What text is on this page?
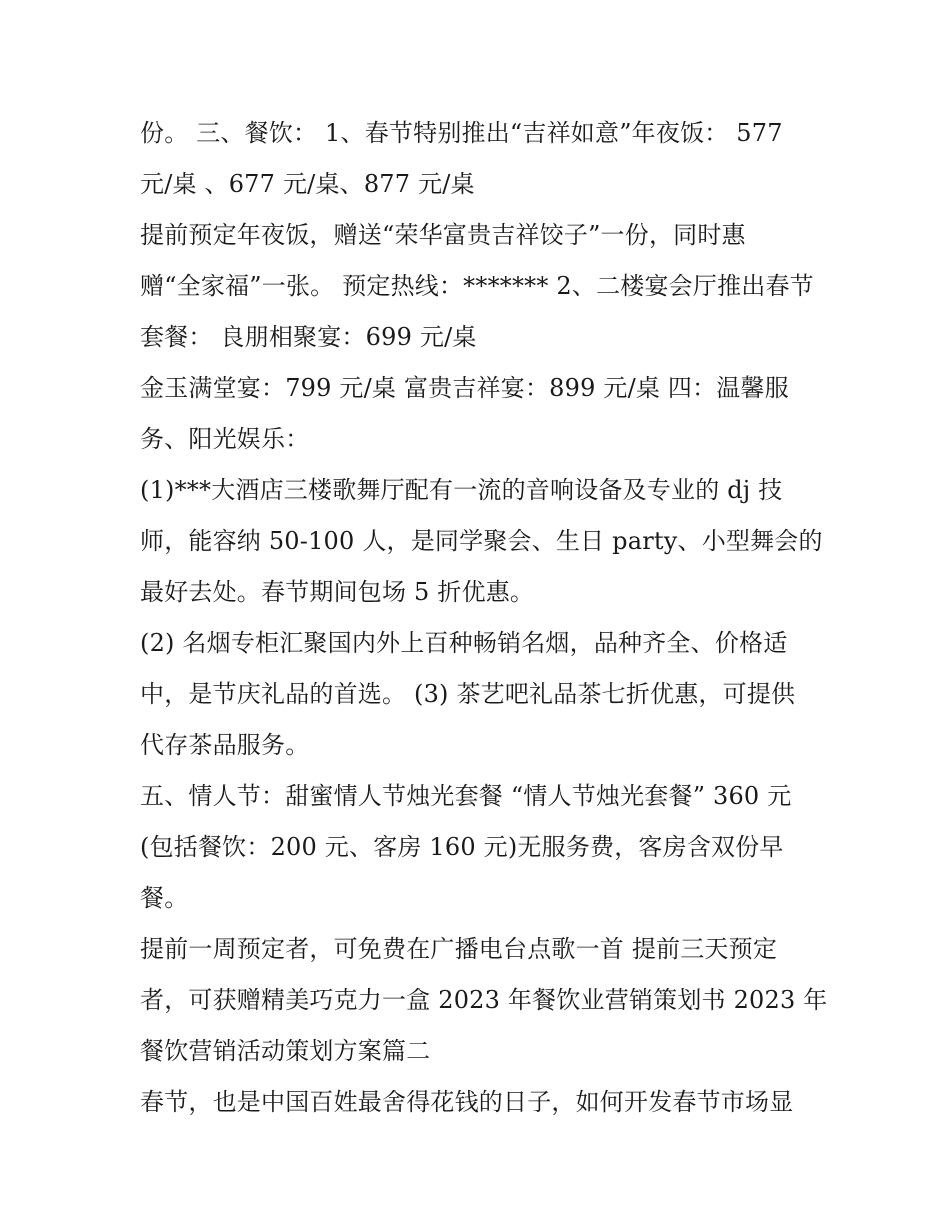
份。 三、餐饮： 1、春节特别推出“吉祥如意”年夜饭： 577
元/桌 、677 元/桌、877 元/桌
提前预定年夜饭，赠送“荣华富贵吉祥饺子”一份，同时惠
赠“全家福”一张。 预定热线：******* 2、二楼宴会厅推出春节
套餐： 良朋相聚宴：699 元/桌
金玉满堂宴：799 元/桌 富贵吉祥宴：899 元/桌 四：温馨服
务、阳光娱乐：
(1)***大酒店三楼歌舞厅配有一流的音响设备及专业的 dj 技
师，能容纳 50-100 人，是同学聚会、生日 party、小型舞会的
最好去处。春节期间包场 5 折优惠。
(2) 名烟专柜汇聚国内外上百种畅销名烟，品种齐全、价格适
中，是节庆礼品的首选。 (3) 茶艺吧礼品茶七折优惠，可提供
代存茶品服务。
五、情人节：甜蜜情人节烛光套餐 “情人节烛光套餐” 360 元
(包括餐饮：200 元、客房 160 元)无服务费，客房含双份早
餐。
提前一周预定者，可免费在广播电台点歌一首 提前三天预定
者，可获赠精美巧克力一盒 2023 年餐饮业营销策划书 2023 年
餐饮营销活动策划方案篇二
春节，也是中国百姓最舍得花钱的日子，如何开发春节市场显
